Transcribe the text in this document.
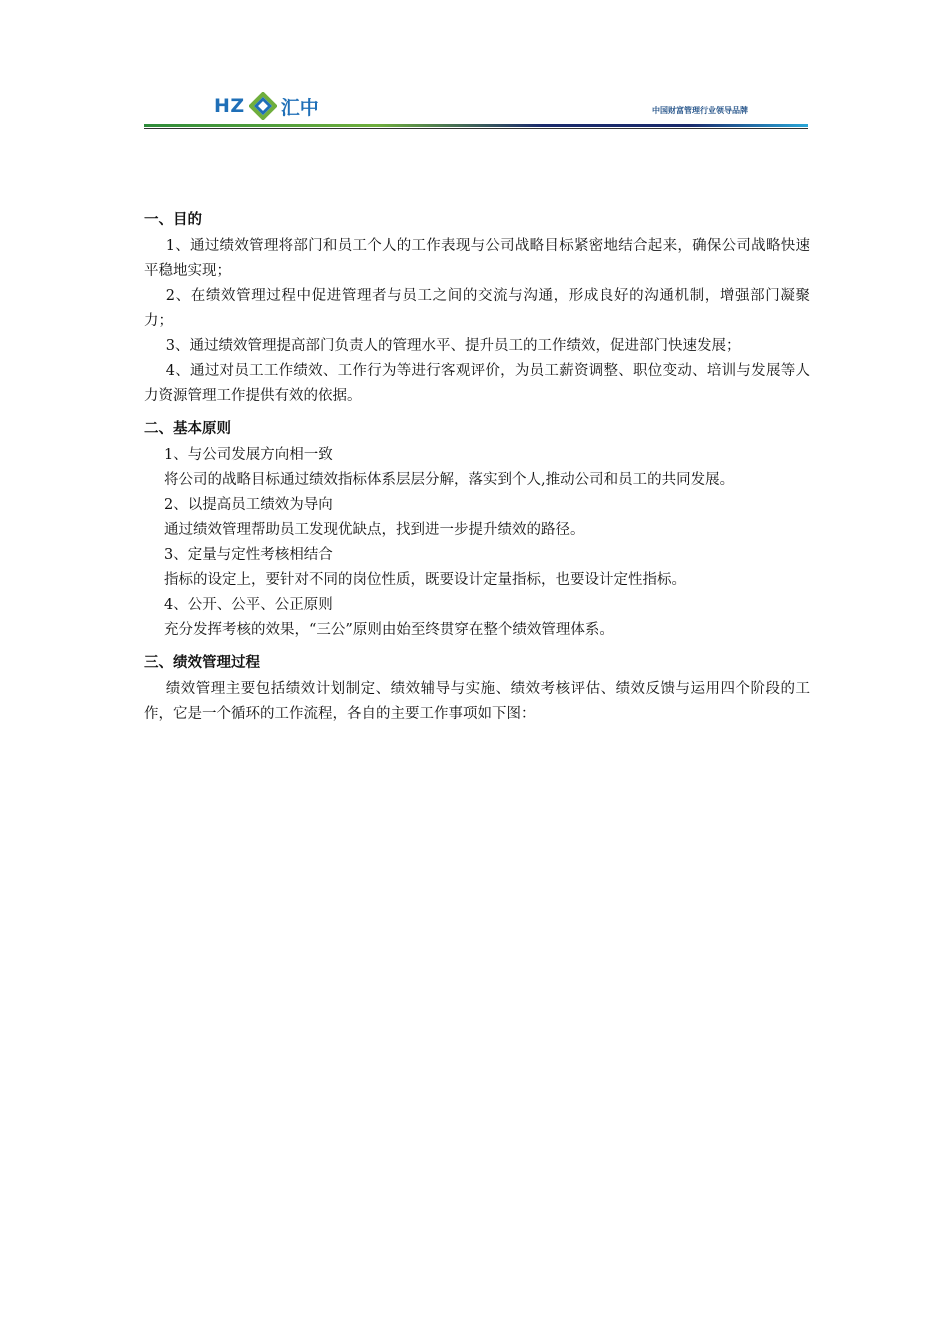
HZ 汇中	中国财富管理行业领导品牌
一、目的

1、通过绩效管理将部门和员工个人的工作表现与公司战略目标紧密地结合起来，确保公司战略快速平稳地实现；

2、在绩效管理过程中促进管理者与员工之间的交流与沟通，形成良好的沟通机制，增强部门凝聚力；

3、通过绩效管理提高部门负责人的管理水平、提升员工的工作绩效，促进部门快速发展；

4、通过对员工工作绩效、工作行为等进行客观评价，为员工薪资调整、职位变动、培训与发展等人力资源管理工作提供有效的依据。

二、基本原则

1、与公司发展方向相一致

将公司的战略目标通过绩效指标体系层层分解，落实到个人,推动公司和员工的共同发展。

2、以提高员工绩效为导向

通过绩效管理帮助员工发现优缺点，找到进一步提升绩效的路径。

3、定量与定性考核相结合

指标的设定上，要针对不同的岗位性质，既要设计定量指标，也要设计定性指标。

4、公开、公平、公正原则

充分发挥考核的效果，“三公”原则由始至终贯穿在整个绩效管理体系。

三、绩效管理过程

绩效管理主要包括绩效计划制定、绩效辅导与实施、绩效考核评估、绩效反馈与运用四个阶段的工作，它是一个循环的工作流程，各自的主要工作事项如下图：
